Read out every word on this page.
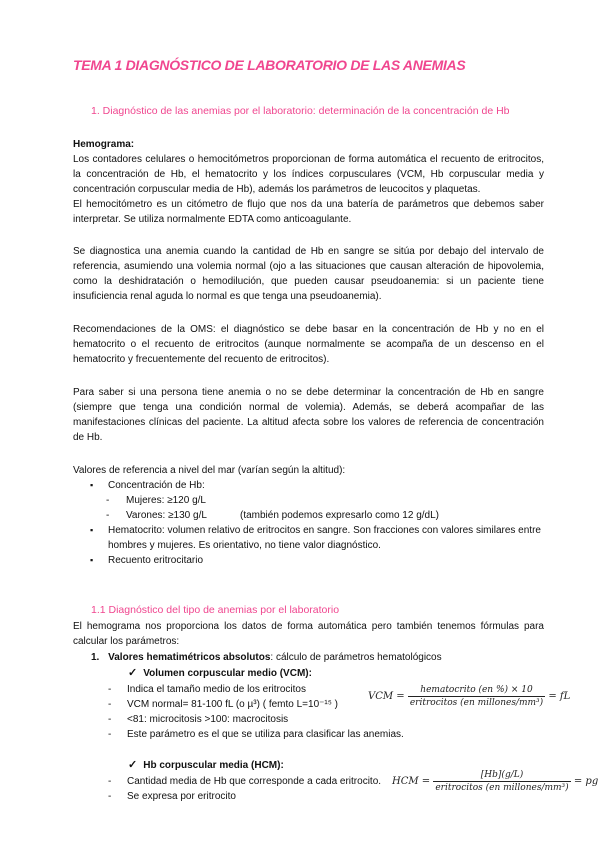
TEMA 1 DIAGNÓSTICO DE LABORATORIO DE LAS ANEMIAS
1. Diagnóstico de las anemias por el laboratorio: determinación de la concentración de Hb
Hemograma:
Los contadores celulares o hemocitómetros proporcionan de forma automática el recuento de eritrocitos, la concentración de Hb, el hematocrito y los índices corpusculares (VCM, Hb corpuscular media y concentración corpuscular media de Hb), además los parámetros de leucocitos y plaquetas.
El hemocitómetro es un citómetro de flujo que nos da una batería de parámetros que debemos saber interpretar. Se utiliza normalmente EDTA como anticoagulante.
Se diagnostica una anemia cuando la cantidad de Hb en sangre se sitúa por debajo del intervalo de referencia, asumiendo una volemia normal (ojo a las situaciones que causan alteración de hipovolemia, como la deshidratación o hemodilución, que pueden causar pseudoanemia: si un paciente tiene insuficiencia renal aguda lo normal es que tenga una pseudoanemia).
Recomendaciones de la OMS: el diagnóstico se debe basar en la concentración de Hb y no en el hematocrito o el recuento de eritrocitos (aunque normalmente se acompaña de un descenso en el hematocrito y frecuentemente del recuento de eritrocitos).
Para saber si una persona tiene anemia o no se debe determinar la concentración de Hb en sangre (siempre que tenga una condición normal de volemia). Además, se deberá acompañar de las manifestaciones clínicas del paciente. La altitud afecta sobre los valores de referencia de concentración de Hb.
Valores de referencia a nivel del mar (varían según la altitud):
▪ Concentración de Hb:
- Mujeres: ≥120 g/L
- Varones: ≥130 g/L	(también podemos expresarlo como 12 g/dL)
▪ Hematocrito: volumen relativo de eritrocitos en sangre. Son fracciones con valores similares entre hombres y mujeres. Es orientativo, no tiene valor diagnóstico.
▪ Recuento eritrocitario
1.1 Diagnóstico del tipo de anemias por el laboratorio
El hemograma nos proporciona los datos de forma automática pero también tenemos fórmulas para calcular los parámetros:
1. Valores hematimétricos absolutos: cálculo de parámetros hematológicos
✓ Volumen corpuscular medio (VCM):
- Indica el tamaño medio de los eritrocitos
- VCM normal= 81-100 fL (o µ³) ( femto L=10⁻¹⁵ )
- <81: microcitosis >100: macrocitosis
- Este parámetro es el que se utiliza para clasificar las anemias.
VCM = $\frac{\text{hematocrito (en \%) × 10}}{\text{eritrocitos (en millones/mm³)}}$ = fL
✓ Hb corpuscular media (HCM):
- Cantidad media de Hb que corresponde a cada eritrocito.
- Se expresa por eritrocito
HCM = $\frac{[Hb](g/L)}{\text{eritrocitos (en millones/mm³)}}$ = pg
